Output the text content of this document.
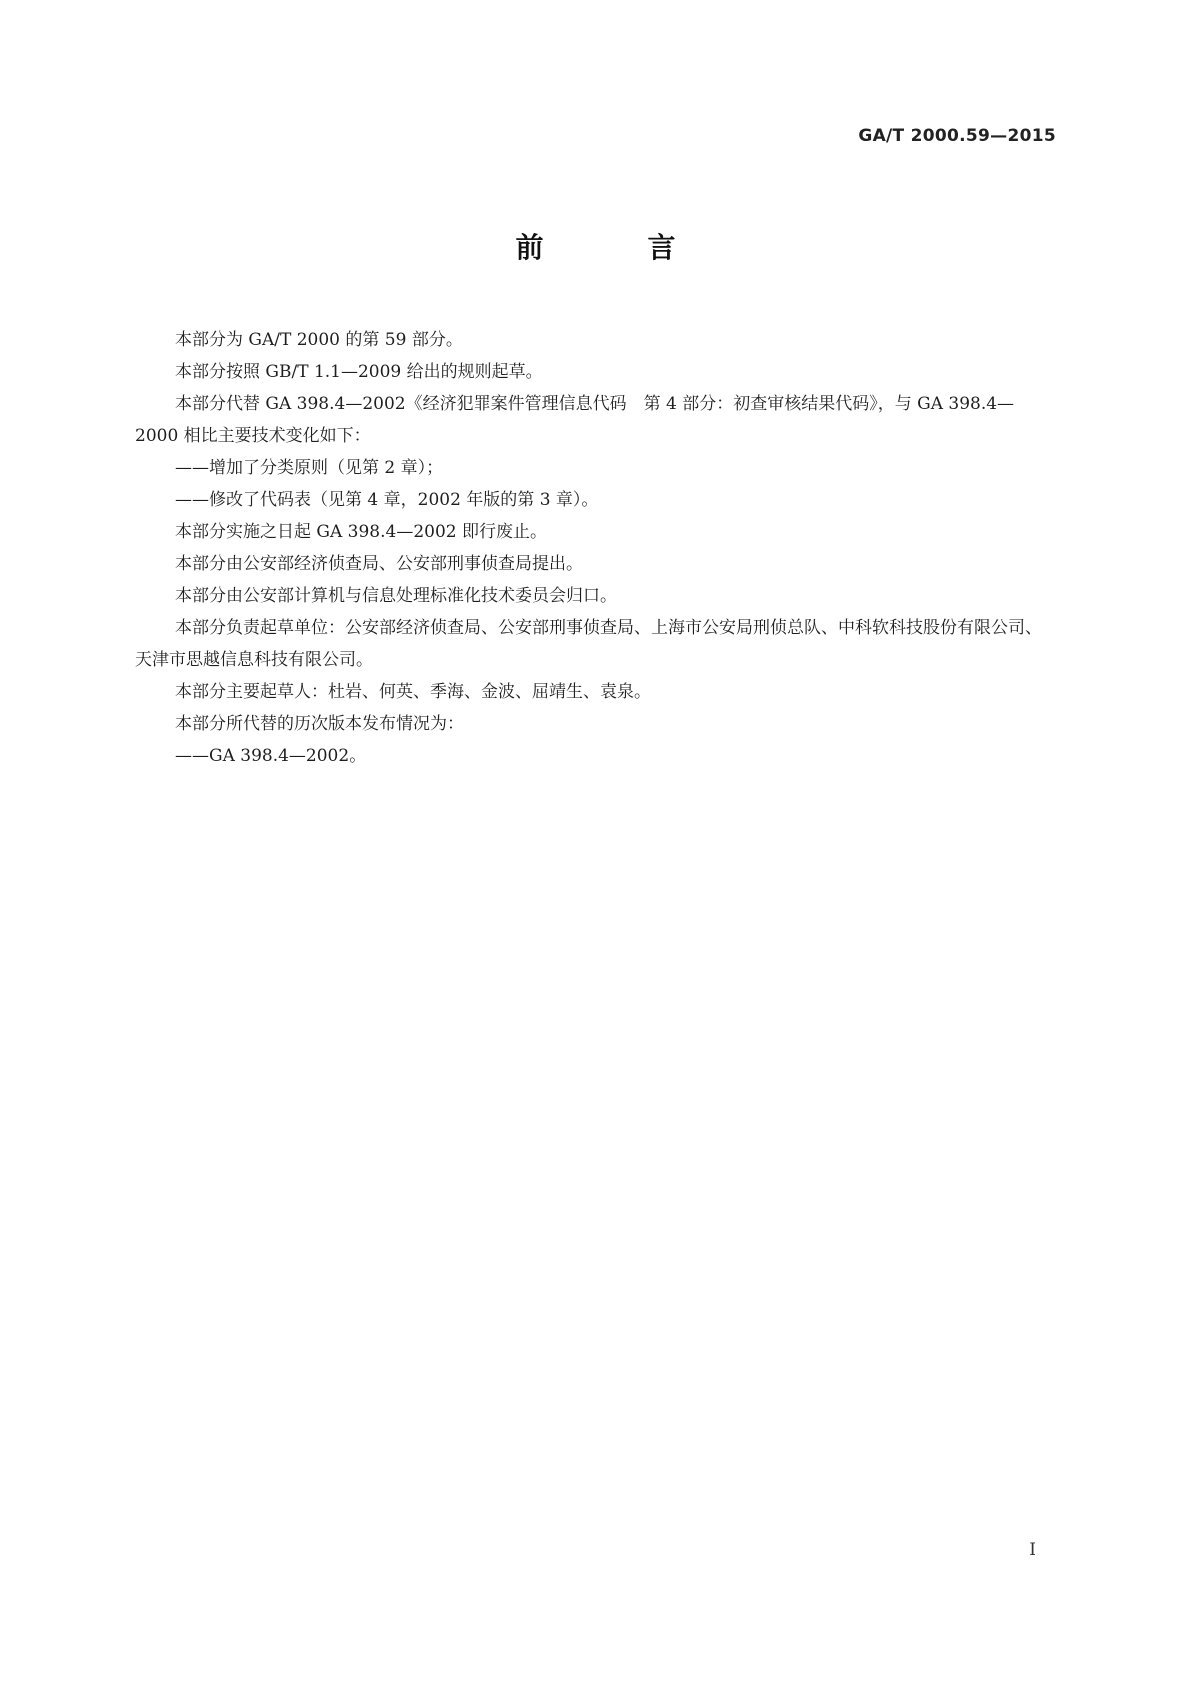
GA/T 2000.59—2015
前　言

本部分为 GA/T 2000 的第 59 部分。

本部分按照 GB/T 1.1—2009 给出的规则起草。

本部分代替 GA 398.4—2002《经济犯罪案件管理信息代码　第 4 部分：初查审核结果代码》，与 GA 398.4—2000 相比主要技术变化如下：

——增加了分类原则（见第 2 章）；

——修改了代码表（见第 4 章，2002 年版的第 3 章）。

本部分实施之日起 GA 398.4—2002 即行废止。

本部分由公安部经济侦查局、公安部刑事侦查局提出。

本部分由公安部计算机与信息处理标准化技术委员会归口。

本部分负责起草单位：公安部经济侦查局、公安部刑事侦查局、上海市公安局刑侦总队、中科软科技股份有限公司、天津市思越信息科技有限公司。

本部分主要起草人：杜岩、何英、季海、金波、屈靖生、袁泉。

本部分所代替的历次版本发布情况为：

——GA 398.4—2002。

I
